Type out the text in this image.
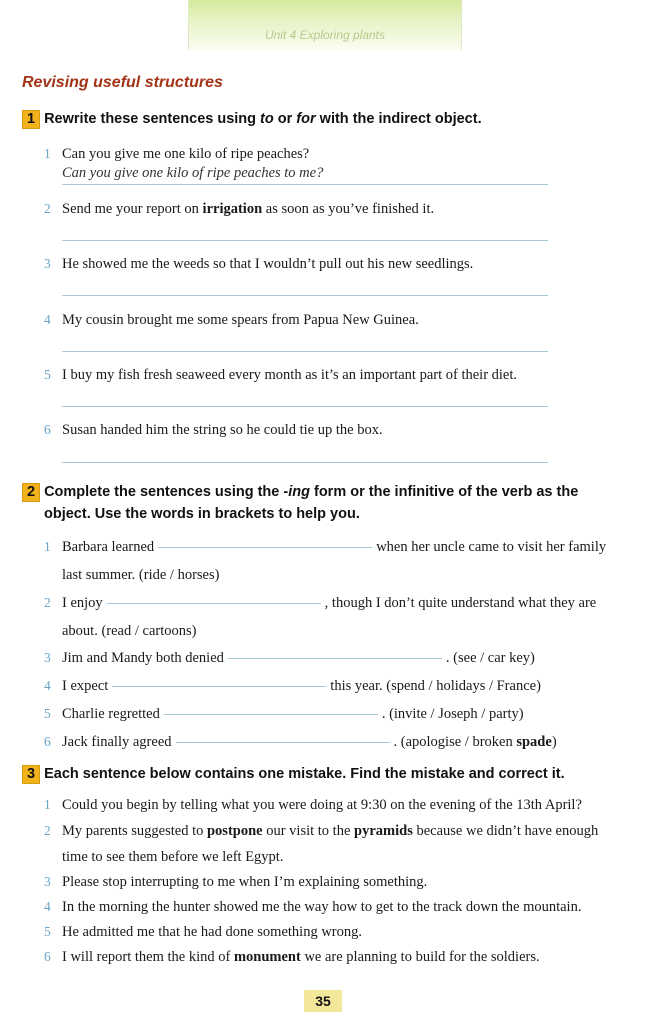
Unit 4 Exploring plants
Revising useful structures
1 Rewrite these sentences using to or for with the indirect object.
1 Can you give me one kilo of ripe peaches?
Can you give one kilo of ripe peaches to me?
2 Send me your report on irrigation as soon as you’ve finished it.
3 He showed me the weeds so that I wouldn’t pull out his new seedlings.
4 My cousin brought me some spears from Papua New Guinea.
5 I buy my fish fresh seaweed every month as it’s an important part of their diet.
6 Susan handed him the string so he could tie up the box.
2 Complete the sentences using the -ing form or the infinitive of the verb as the
object. Use the words in brackets to help you.
1 Barbara learned	when her uncle came to visit her family
last summer. (ride / horses)
2 I enjoy	, though I don’t quite understand what they are
about. (read / cartoons)
3 Jim and Mandy both denied	. (see / car key)
4 I expect	this year. (spend / holidays / France)
5 Charlie regretted	. (invite / Joseph / party)
6 Jack finally agreed	. (apologise / broken spade)
3 Each sentence below contains one mistake. Find the mistake and correct it.
1 Could you begin by telling what you were doing at 9:30 on the evening of the 13th April?
2 My parents suggested to postpone our visit to the pyramids because we didn’t have enough
time to see them before we left Egypt.
3 Please stop interrupting to me when I’m explaining something.
4 In the morning the hunter showed me the way how to get to the track down the mountain.
5 He admitted me that he had done something wrong.
6 I will report them the kind of monument we are planning to build for the soldiers.
35
